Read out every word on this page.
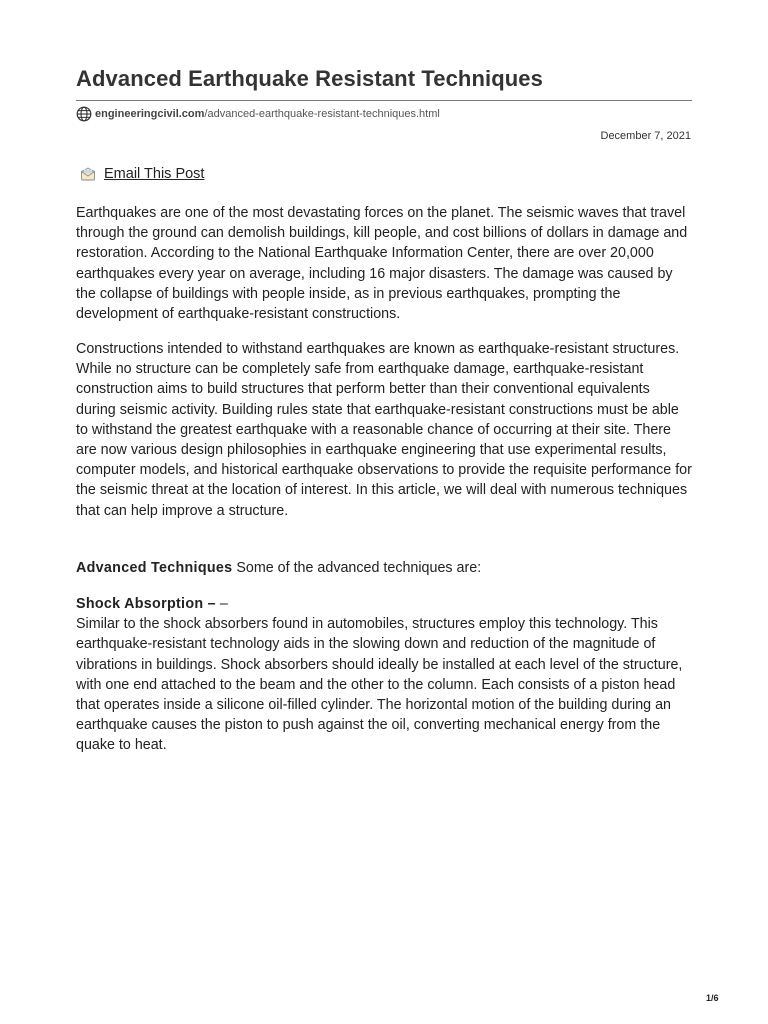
Advanced Earthquake Resistant Techniques
engineeringcivil.com /advanced-earthquake-resistant-techniques.html
December 7, 2021
Email This Post

Earthquakes are one of the most devastating forces on the planet. The seismic waves that travel through the ground can demolish buildings, kill people, and cost billions of dollars in damage and restoration. According to the National Earthquake Information Center, there are over 20,000 earthquakes every year on average, including 16 major disasters. The damage was caused by the collapse of buildings with people inside, as in previous earthquakes, prompting the development of earthquake-resistant constructions.

Constructions intended to withstand earthquakes are known as earthquake-resistant structures. While no structure can be completely safe from earthquake damage, earthquake-resistant construction aims to build structures that perform better than their conventional equivalents during seismic activity. Building rules state that earthquake-resistant constructions must be able to withstand the greatest earthquake with a reasonable chance of occurring at their site. There are now various design philosophies in earthquake engineering that use experimental results, computer models, and historical earthquake observations to provide the requisite performance for the seismic threat at the location of interest. In this article, we will deal with numerous techniques that can help improve a structure.

Advanced Techniques Some of the advanced techniques are:

Shock Absorption – –
Similar to the shock absorbers found in automobiles, structures employ this technology. This earthquake-resistant technology aids in the slowing down and reduction of the magnitude of vibrations in buildings. Shock absorbers should ideally be installed at each level of the structure, with one end attached to the beam and the other to the column. Each consists of a piston head that operates inside a silicone oil-filled cylinder. The horizontal motion of the building during an earthquake causes the piston to push against the oil, converting mechanical energy from the quake to heat.

1/6
